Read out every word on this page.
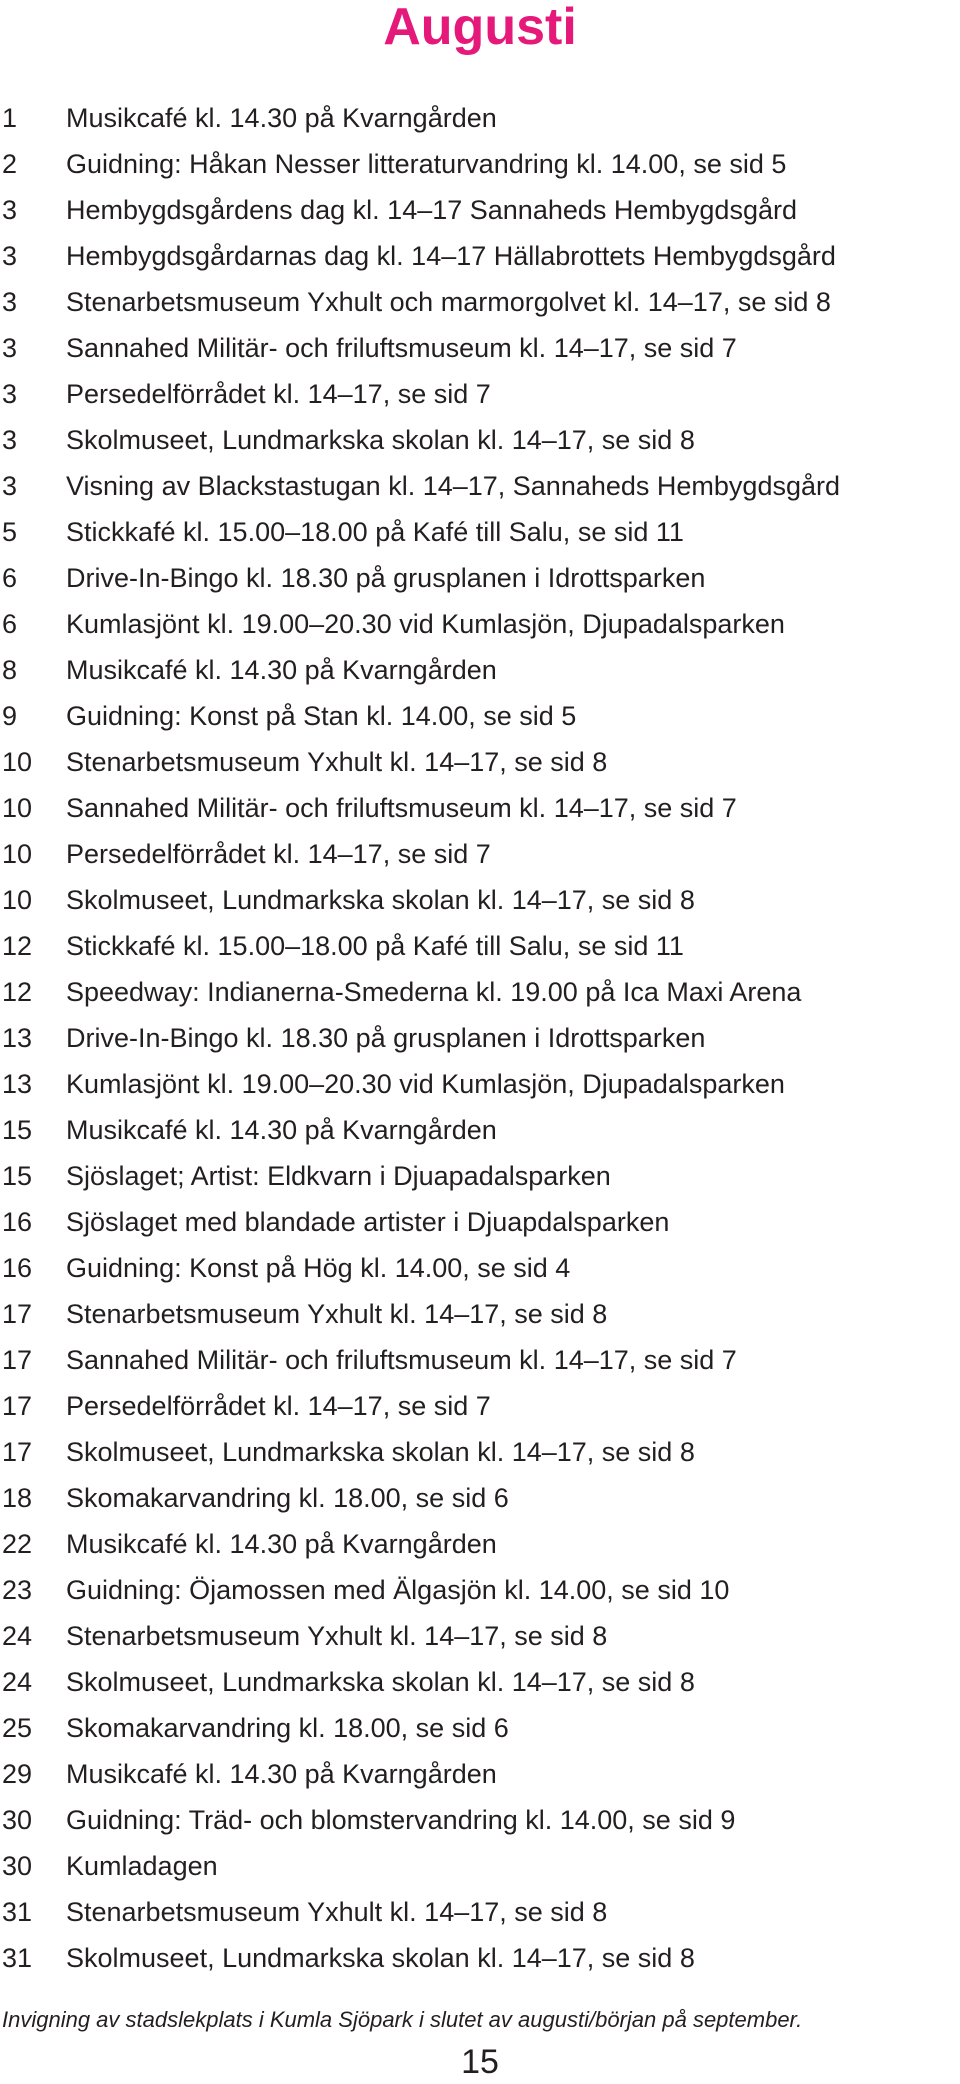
Augusti
1	Musikcafé kl. 14.30 på Kvarngården
2	Guidning: Håkan Nesser litteraturvandring kl. 14.00, se sid 5
3	Hembygdsgårdens dag kl. 14–17 Sannaheds Hembygdsgård
3	Hembygdsgårdarnas dag kl. 14–17 Hällabrottets Hembygdsgård
3	Stenarbetsmuseum Yxhult och marmorgolvet kl. 14–17, se sid 8
3	Sannahed Militär- och friluftsmuseum kl. 14–17, se sid 7
3	Persedelförrådet kl. 14–17, se sid 7
3	Skolmuseet, Lundmarkska skolan kl. 14–17, se sid 8
3	Visning av Blackstastugan kl. 14–17, Sannaheds Hembygdsgård
5	Stickkafé kl. 15.00–18.00 på Kafé till Salu, se sid 11
6	Drive-In-Bingo kl. 18.30 på grusplanen i Idrottsparken
6	Kumlasjönt kl. 19.00–20.30 vid Kumlasjön, Djupadalsparken
8	Musikcafé kl. 14.30 på Kvarngården
9	Guidning: Konst på Stan kl. 14.00, se sid 5
10	Stenarbetsmuseum Yxhult kl. 14–17, se sid 8
10	Sannahed Militär- och friluftsmuseum kl. 14–17, se sid 7
10	Persedelförrådet kl. 14–17, se sid 7
10	Skolmuseet, Lundmarkska skolan kl. 14–17, se sid 8
12	Stickkafé kl. 15.00–18.00 på Kafé till Salu, se sid 11
12	Speedway: Indianerna-Smederna kl. 19.00 på Ica Maxi Arena
13	Drive-In-Bingo kl. 18.30 på grusplanen i Idrottsparken
13	Kumlasjönt kl. 19.00–20.30 vid Kumlasjön, Djupadalsparken
15	Musikcafé kl. 14.30 på Kvarngården
15	Sjöslaget; Artist: Eldkvarn i Djuapadalsparken
16	Sjöslaget med blandade artister i Djuapdalsparken
16	Guidning: Konst på Hög kl. 14.00, se sid 4
17	Stenarbetsmuseum Yxhult kl. 14–17, se sid 8
17	Sannahed Militär- och friluftsmuseum kl. 14–17, se sid 7
17	Persedelförrådet kl. 14–17, se sid 7
17	Skolmuseet, Lundmarkska skolan kl. 14–17, se sid 8
18	Skomakarvandring kl. 18.00, se sid 6
22	Musikcafé kl. 14.30 på Kvarngården
23	Guidning: Öjamossen med Älgasjön kl. 14.00, se sid 10
24	Stenarbetsmuseum Yxhult kl. 14–17, se sid 8
24	Skolmuseet, Lundmarkska skolan kl. 14–17, se sid 8
25	Skomakarvandring kl. 18.00, se sid 6
29	Musikcafé kl. 14.30 på Kvarngården
30	Guidning: Träd- och blomstervandring kl. 14.00, se sid 9
30	Kumladagen
31	Stenarbetsmuseum Yxhult kl. 14–17, se sid 8
31	Skolmuseet, Lundmarkska skolan kl. 14–17, se sid 8
Invigning av stadslekplats i Kumla Sjöpark i slutet av augusti/början på september.
15
